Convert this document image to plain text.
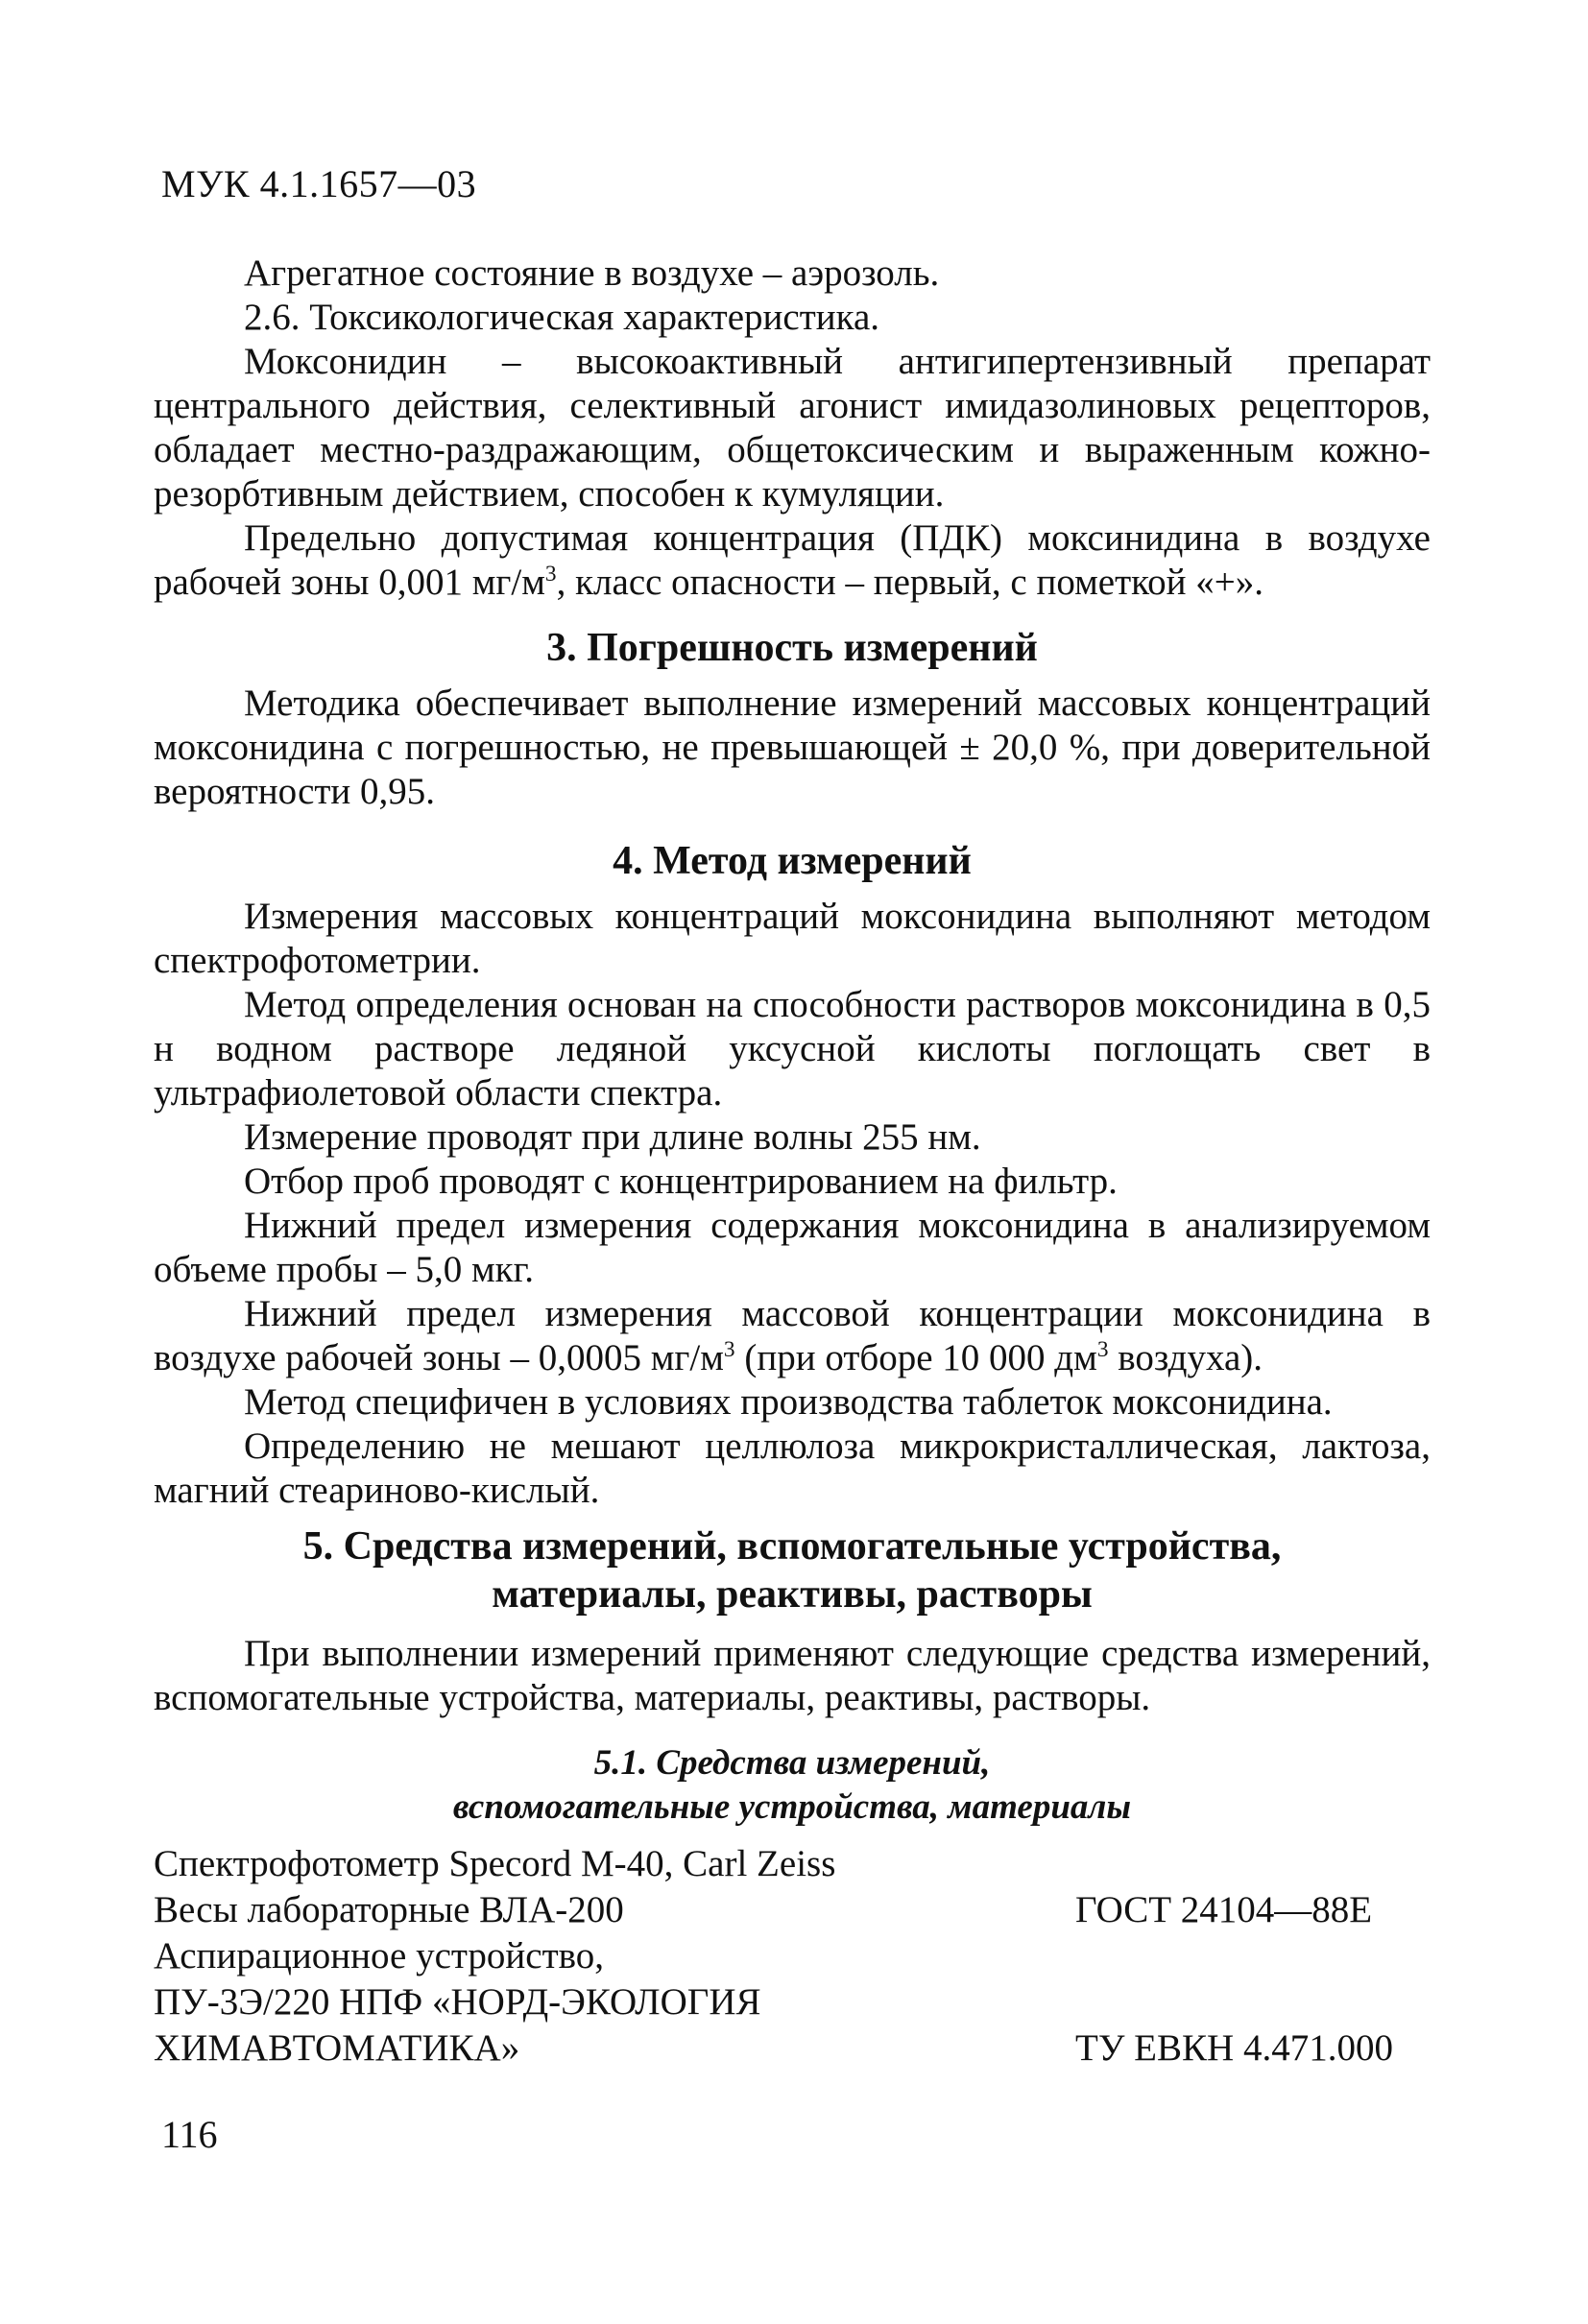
МУК 4.1.1657—03

Агрегатное состояние в воздухе – аэрозоль.

2.6. Токсикологическая характеристика.

Моксонидин – высокоактивный антигипертензивный препарат центрального действия, селективный агонист имидазолиновых рецепторов, обладает местно-раздражающим, общетоксическим и выраженным кожно-резорбтивным действием, способен к кумуляции.

Предельно допустимая концентрация (ПДК) моксинидина в воздухе рабочей зоны 0,001 $мг/м^3$, класс опасности – первый, с пометкой «+».

3. Погрешность измерений

Методика обеспечивает выполнение измерений массовых концентраций моксонидина с погрешностью, не превышающей ± 20,0 %, при доверительной вероятности 0,95.

4. Метод измерений

Измерения массовых концентраций моксонидина выполняют методом спектрофотометрии.

Метод определения основан на способности растворов моксонидина в 0,5 н водном растворе ледяной уксусной кислоты поглощать свет в ультрафиолетовой области спектра.

Измерение проводят при длине волны 255 нм.

Отбор проб проводят с концентрированием на фильтр.

Нижний предел измерения содержания моксонидина в анализируемом объеме пробы – 5,0 мкг.

Нижний предел измерения массовой концентрации моксонидина в воздухе рабочей зоны – 0,0005 $мг/м^3$ (при отборе 10 000 $дм^3$ воздуха).

Метод специфичен в условиях производства таблеток моксонидина.

Определению не мешают целлюлоза микрокристаллическая, лактоза, магний стеариново-кислый.

5. Средства измерений, вспомогательные устройства,
материалы, реактивы, растворы

При выполнении измерений применяют следующие средства измерений, вспомогательные устройства, материалы, реактивы, растворы.

5.1. Средства измерений,
вспомогательные устройства, материалы
Спектрофотометр Specord M-40, Carl Zeiss
Весы лабораторные ВЛА-200	ГОСТ 24104—88Е
Аспирационное устройство,
ПУ-3Э/220 НПФ «НОРД-ЭКОЛОГИЯ
ХИМАВТОМАТИКА»	ТУ ЕВКН 4.471.000
116
